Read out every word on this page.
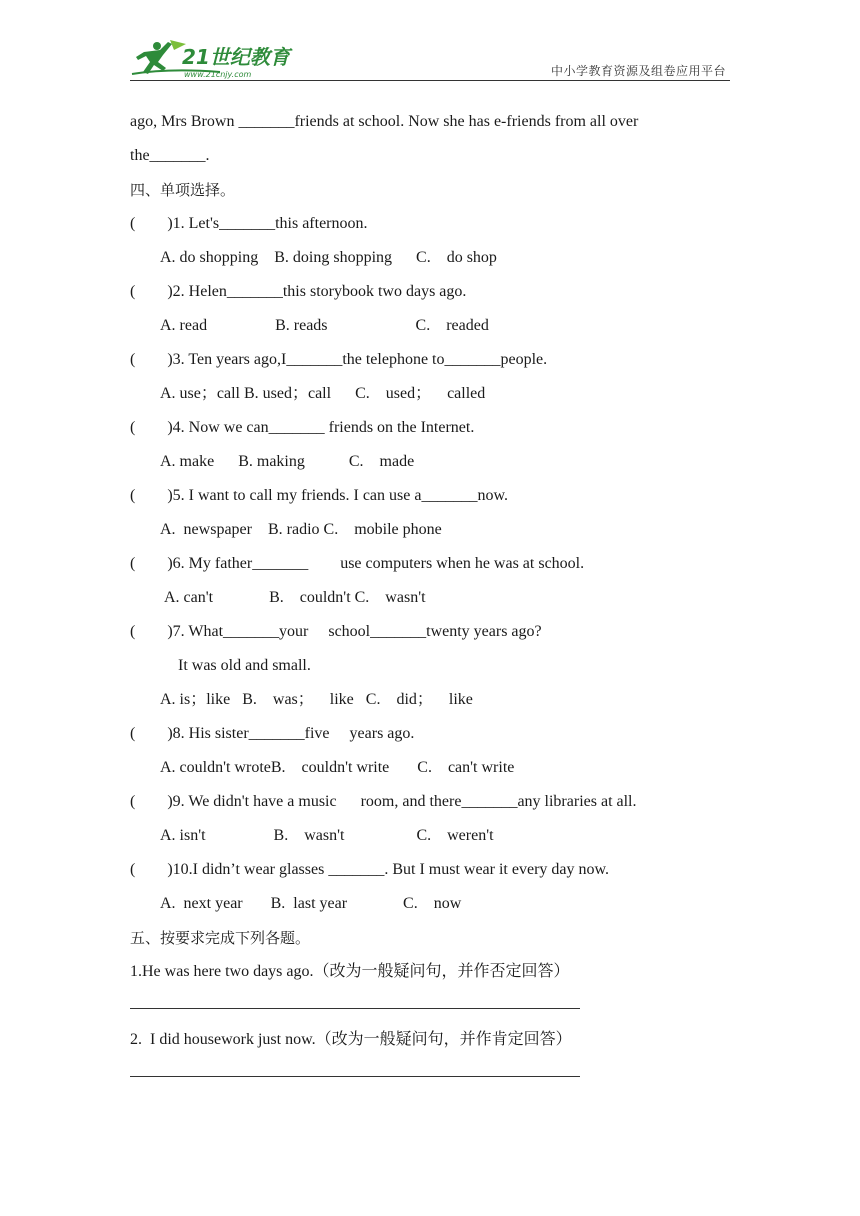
21世纪教育
www.21cnjy.com	中小学教育资源及组卷应用平台
ago, Mrs Brown _______friends at school. Now she has e-friends from all over
the_______.
四、单项选择。
(        )1. Let's_______this afternoon.
A. do shopping    B. doing shopping      C.    do shop
(        )2. Helen_______this storybook two days ago.
A. read                 B. reads                      C.    readed
(        )3. Ten years ago,I_______the telephone to_______people.
A. use；call B. used；call      C.    used；    called
(        )4. Now we can_______ friends on the Internet.
A. make      B. making           C.    made
(        )5. I want to call my friends. I can use a_______now.
A.  newspaper    B. radio C.    mobile phone
(        )6. My father_______        use computers when he was at school.
A. can't              B.    couldn't C.    wasn't
(        )7. What_______your     school_______twenty years ago?
It was old and small.
A. is；like   B.    was；    like   C.    did；    like
(        )8. His sister_______five     years ago.
A. couldn't wroteB.    couldn't write       C.    can't write
(        )9. We didn't have a music      room, and there_______any libraries at all.
A. isn't                 B.    wasn't                  C.    weren't
(        )10.I didn’t wear glasses _______. But I must wear it every day now.
A.  next year       B.  last year              C.    now
五、按要求完成下列各题。
1.He was here two days ago.（改为一般疑问句，并作否定回答）
2.  I did housework just now.（改为一般疑问句，并作肯定回答）
